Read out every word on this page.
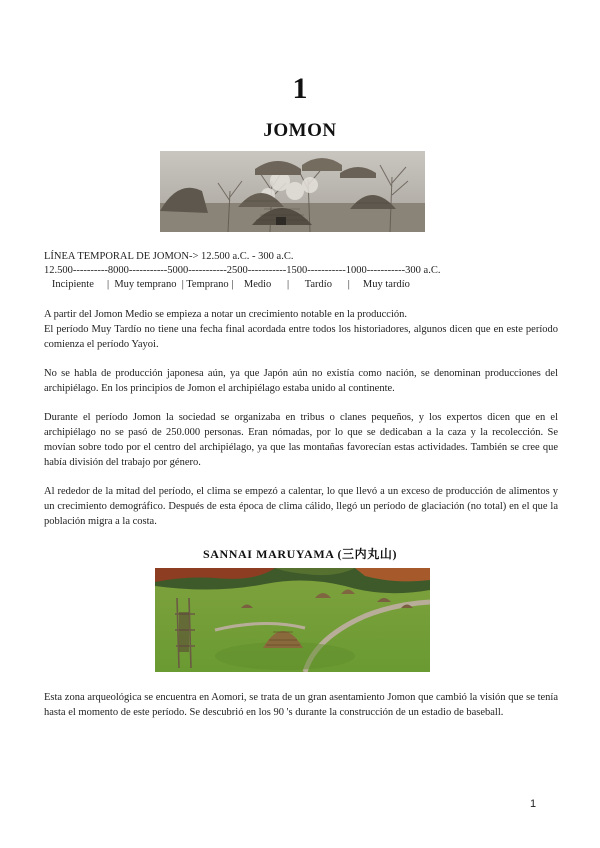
1
JOMON
LÍNEA TEMPORAL DE JOMON-> 12.500 a.C. - 300 a.C.
12.500----------8000-----------5000-----------2500-----------1500-----------1000-----------300 a.C.
Incipiente     |  Muy temprano  | Temprano |    Medio      |      Tardío      |     Muy tardío

A partir del Jomon Medio se empieza a notar un crecimiento notable en la producción.
El período Muy Tardío no tiene una fecha final acordada entre todos los historiadores, algunos dicen que en este período comienza el período Yayoi.

No se habla de producción japonesa aún, ya que Japón aún no existía como nación, se denominan producciones del archipiélago. En los principios de Jomon el archipiélago estaba unido al continente.

Durante el período Jomon la sociedad se organizaba en tribus o clanes pequeños, y los expertos dicen que en el archipiélago no se pasó de 250.000 personas. Eran nómadas, por lo que se dedicaban a la caza y la recolección. Se movían sobre todo por el centro del archipiélago, ya que las montañas favorecían estas actividades. También se cree que había división del trabajo por género.

Al rededor de la mitad del período, el clima se empezó a calentar, lo que llevó a un exceso de producción de alimentos y un crecimiento demográfico. Después de esta época de clima cálido, llegó un período de glaciación (no total) en el que la población migra a la costa.

SANNAI MARUYAMA (三内丸山)

Esta zona arqueológica se encuentra en Aomori, se trata de un gran asentamiento Jomon que cambió la visión que se tenía hasta el momento de este período. Se descubrió en los 90 's durante la construcción de un estadio de baseball.

1
